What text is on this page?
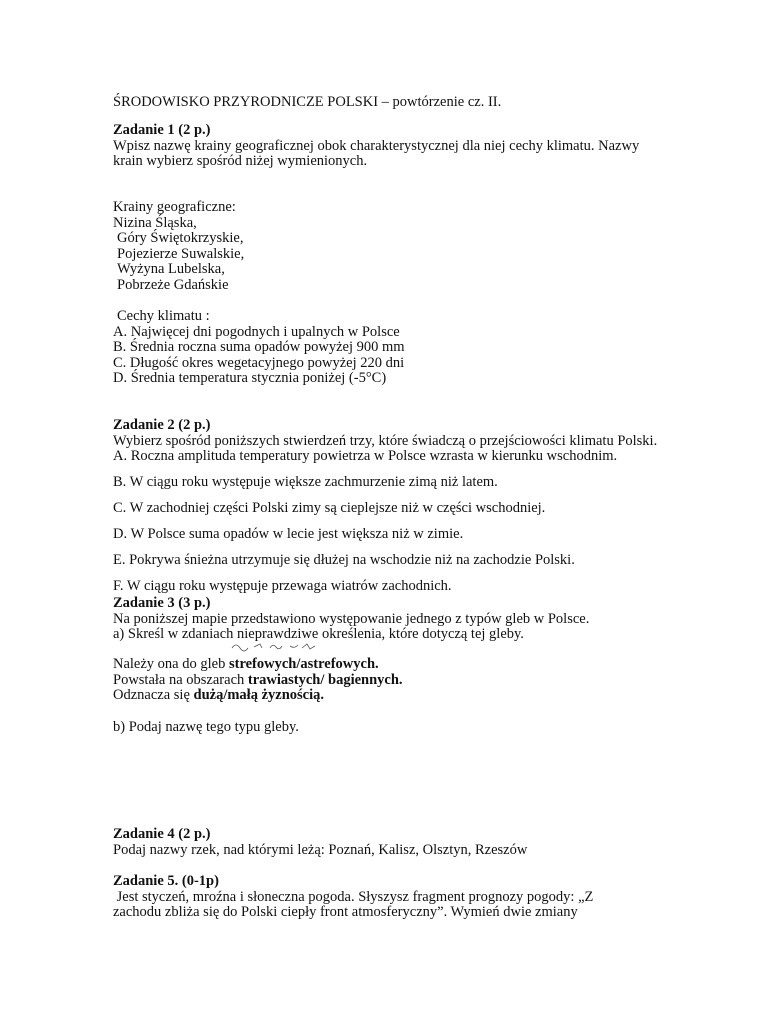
ŚRODOWISKO PRZYRODNICZE POLSKI – powtórzenie cz. II.
Zadanie 1 (2 p.)
Wpisz nazwę krainy geograficznej obok charakterystycznej dla niej cechy klimatu. Nazwy
krain wybierz spośród niżej wymienionych.
Krainy geograficzne:
Nizina Śląska,
Góry Świętokrzyskie,
Pojezierze Suwalskie,
Wyżyna Lubelska,
Pobrzeże Gdańskie
Cechy klimatu :
A. Najwięcej dni pogodnych i upalnych w Polsce
B. Średnia roczna suma opadów powyżej 900 mm
C. Długość okres wegetacyjnego powyżej 220 dni
D. Średnia temperatura stycznia poniżej (-5°C)
Zadanie 2 (2 p.)
Wybierz spośród poniższych stwierdzeń trzy, które świadczą o przejściowości klimatu Polski.
A. Roczna amplituda temperatury powietrza w Polsce wzrasta w kierunku wschodnim.
B. W ciągu roku występuje większe zachmurzenie zimą niż latem.
C. W zachodniej części Polski zimy są cieplejsze niż w części wschodniej.
D. W Polsce suma opadów w lecie jest większa niż w zimie.
E. Pokrywa śnieżna utrzymuje się dłużej na wschodzie niż na zachodzie Polski.
F. W ciągu roku występuje przewaga wiatrów zachodnich.
Zadanie 3 (3 p.)
Na poniższej mapie przedstawiono występowanie jednego z typów gleb w Polsce.
a) Skreśl w zdaniach nieprawdziwe określenia, które dotyczą tej gleby.
Należy ona do gleb strefowych/astrefowych.
Powstała na obszarach trawiastych/ bagiennych.
Odznacza się dużą/małą żyznością.
b) Podaj nazwę tego typu gleby.
Zadanie 4 (2 p.)
Podaj nazwy rzek, nad którymi leżą: Poznań, Kalisz, Olsztyn, Rzeszów
Zadanie 5. (0-1p)
Jest styczeń, mroźna i słoneczna pogoda. Słyszysz fragment prognozy pogody: „Z
zachodu zbliża się do Polski ciepły front atmosferyczny”. Wymień dwie zmiany
